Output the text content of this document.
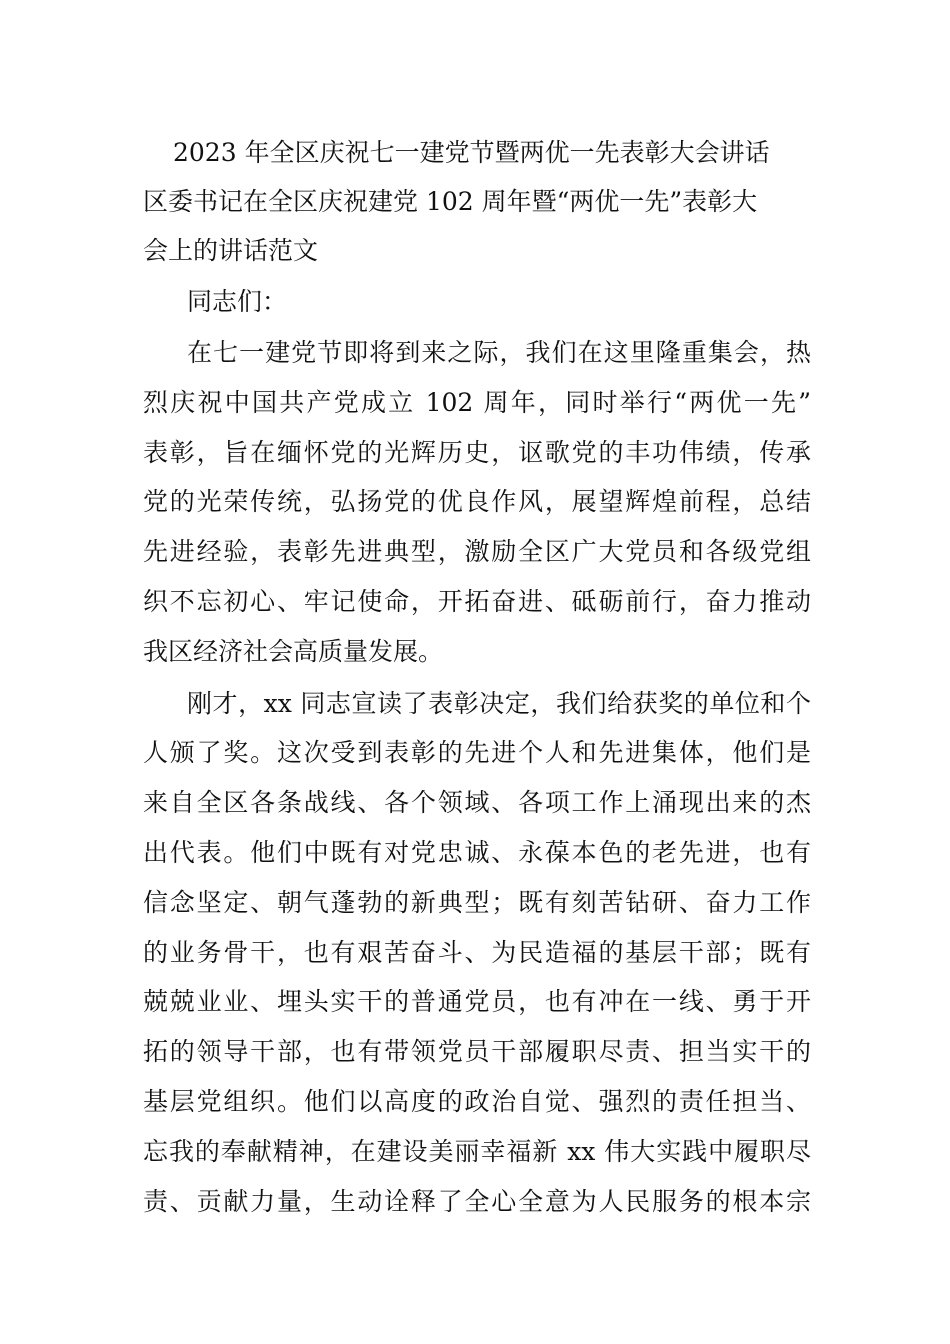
2023 年全区庆祝七一建党节暨两优一先表彰大会讲话
区委书记在全区庆祝建党 102 周年暨“两优一先”表彰大
会上的讲话范文
同志们：
在七一建党节即将到来之际，我们在这里隆重集会，热
烈庆祝中国共产党成立 102 周年，同时举行“两优一先”
表彰，旨在缅怀党的光辉历史，讴歌党的丰功伟绩，传承
党的光荣传统，弘扬党的优良作风，展望辉煌前程，总结
先进经验，表彰先进典型，激励全区广大党员和各级党组
织不忘初心、牢记使命，开拓奋进、砥砺前行，奋力推动
我区经济社会高质量发展。
刚才，xx 同志宣读了表彰决定，我们给获奖的单位和个
人颁了奖。这次受到表彰的先进个人和先进集体，他们是
来自全区各条战线、各个领域、各项工作上涌现出来的杰
出代表。他们中既有对党忠诚、永葆本色的老先进，也有
信念坚定、朝气蓬勃的新典型；既有刻苦钻研、奋力工作
的业务骨干，也有艰苦奋斗、为民造福的基层干部；既有
兢兢业业、埋头实干的普通党员，也有冲在一线、勇于开
拓的领导干部，也有带领党员干部履职尽责、担当实干的
基层党组织。他们以高度的政治自觉、强烈的责任担当、
忘我的奉献精神，在建设美丽幸福新 xx 伟大实践中履职尽
责、贡献力量，生动诠释了全心全意为人民服务的根本宗
